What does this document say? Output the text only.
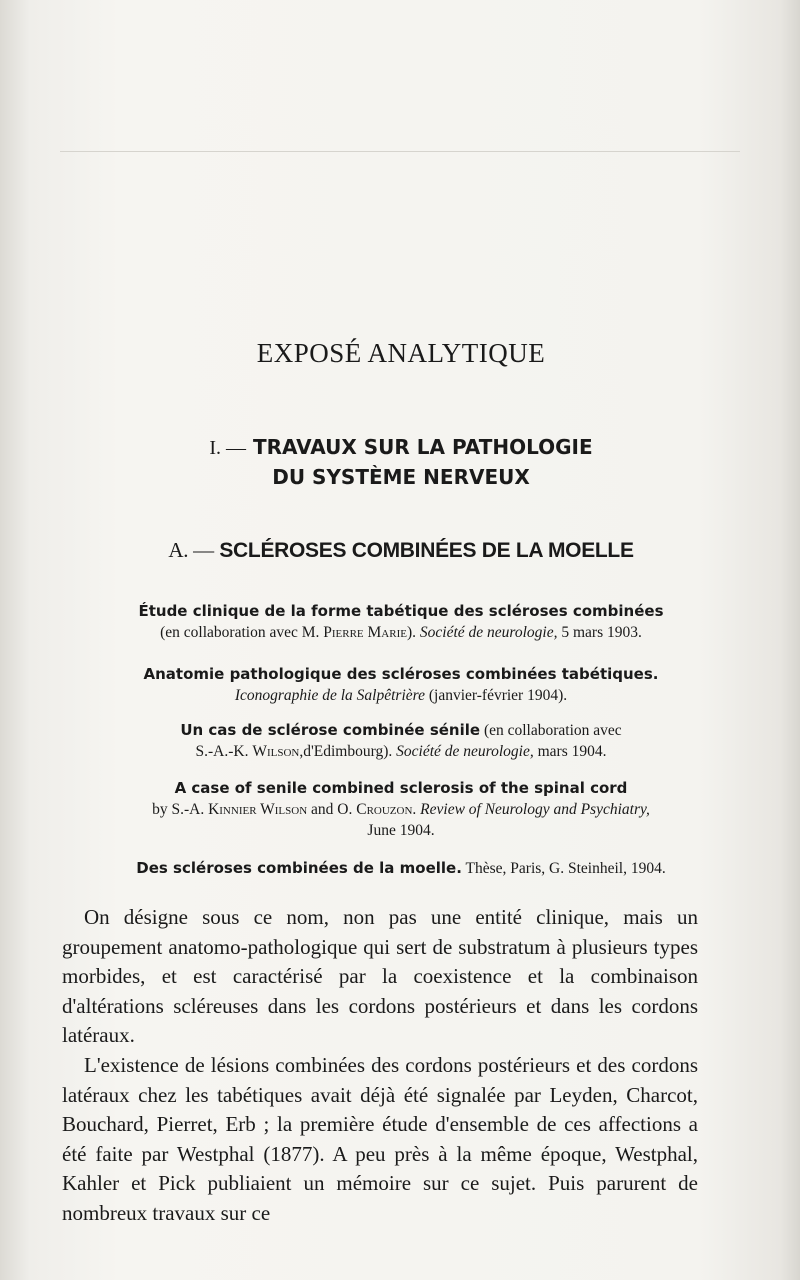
EXPOSÉ ANALYTIQUE
I. — TRAVAUX SUR LA PATHOLOGIE
DU SYSTÈME NERVEUX
A. — SCLÉROSES COMBINÉES DE LA MOELLE
Étude clinique de la forme tabétique des scléroses combinées
(en collaboration avec M. Pierre Marie). Société de neurologie, 5 mars 1903.
Anatomie pathologique des scléroses combinées tabétiques.
Iconographie de la Salpêtrière (janvier-février 1904).
Un cas de sclérose combinée sénile (en collaboration avec
S.-A.-K. Wilson,d'Edimbourg). Société de neurologie, mars 1904.
A case of senile combined sclerosis of the spinal cord
by S.-A. Kinnier Wilson and O. Crouzon. Review of Neurology and Psychiatry,
June 1904.
Des scléroses combinées de la moelle. Thèse, Paris, G. Steinheil, 1904.

On désigne sous ce nom, non pas une entité clinique, mais un groupement anatomo-pathologique qui sert de substratum à plusieurs types morbides, et est caractérisé par la coexistence et la combinaison d'altérations scléreuses dans les cordons postérieurs et dans les cordons latéraux.

L'existence de lésions combinées des cordons postérieurs et des cordons latéraux chez les tabétiques avait déjà été signalée par Leyden, Charcot, Bouchard, Pierret, Erb ; la première étude d'ensemble de ces affections a été faite par Westphal (1877). A peu près à la même époque, Westphal, Kahler et Pick publiaient un mémoire sur ce sujet. Puis parurent de nombreux travaux sur ce
